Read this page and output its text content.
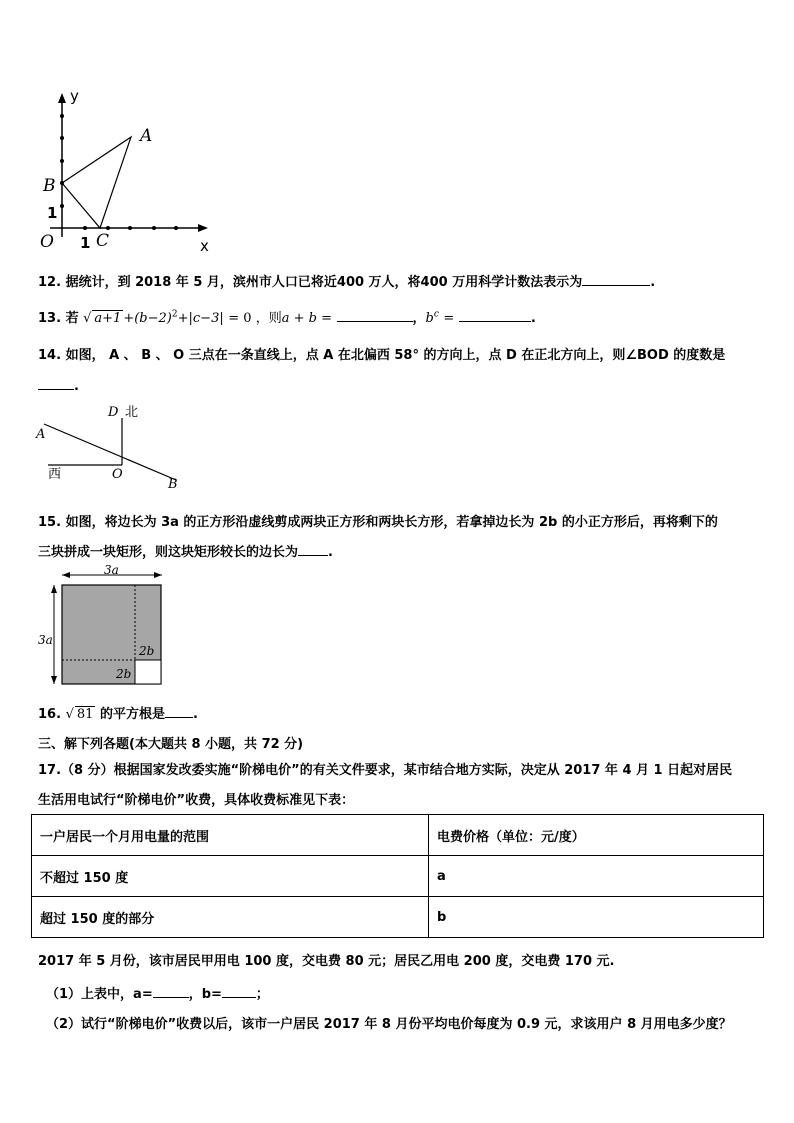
y
x
O
1
1
A
B
C
12. 据统计，到 2018 年 5 月，滨州市人口已将近400 万人，将400 万用科学计数法表示为	.
13. 若 √ $a+1 +(b-2)^2+|c-3| = 0$ ，则a + b =	，$b^c$ =	.
14. 如图， A 、 B 、 O 三点在一条直线上，点 A 在北偏西 58° 的方向上，点 D 在正北方向上，则∠BOD 的度数是
.
D 北
A
西	O
B
15. 如图，将边长为 3a 的正方形沿虚线剪成两块正方形和两块长方形，若拿掉边长为 2b 的小正方形后，再将剩下的
三块拼成一块矩形，则这块矩形较长的边长为 .
3a
3a
2b
2b
16. √ 81 的平方根是 .
三、解下列各题(本大题共 8 小题，共 72 分)
17.（8 分）根据国家发改委实施“阶梯电价”的有关文件要求，某市结合地方实际，决定从 2017 年 4 月 1 日起对居民
生活用电试行“阶梯电价”收费，具体收费标准见下表：
一户居民一个月用电量的范围	电费价格（单位：元/度）
不超过 150 度	a
超过 150 度的部分	b
2017 年 5 月份，该市居民甲用电 100 度，交电费 80 元；居民乙用电 200 度，交电费 170 元.
（1）上表中，a=	，b=	；
（2）试行“阶梯电价”收费以后，该市一户居民 2017 年 8 月份平均电价每度为 0.9 元，求该用户 8 月用电多少度？
